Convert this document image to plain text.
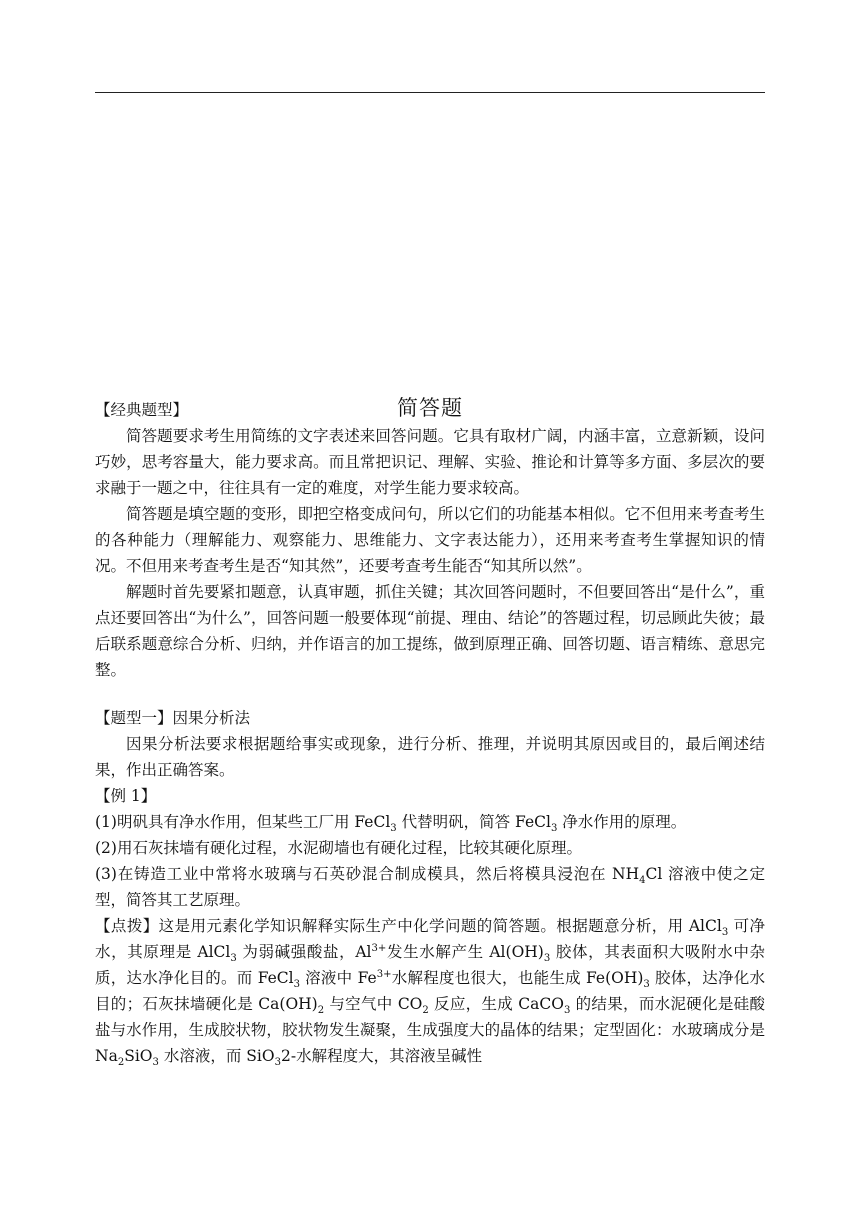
【经典题型】	简答题

简答题要求考生用简练的文字表述来回答问题。它具有取材广阔，内涵丰富，立意新颖，设问巧妙，思考容量大，能力要求高。而且常把识记、理解、实验、推论和计算等多方面、多层次的要求融于一题之中，往往具有一定的难度，对学生能力要求较高。

简答题是填空题的变形，即把空格变成问句，所以它们的功能基本相似。它不但用来考查考生的各种能力（理解能力、观察能力、思维能力、文字表达能力），还用来考查考生掌握知识的情况。不但用来考查考生是否“知其然”，还要考查考生能否“知其所以然”。

解题时首先要紧扣题意，认真审题，抓住关键；其次回答问题时，不但要回答出“是什么”，重点还要回答出“为什么”，回答问题一般要体现“前提、理由、结论”的答题过程，切忌顾此失彼；最后联系题意综合分析、归纳，并作语言的加工提练，做到原理正确、回答切题、语言精练、意思完整。

【题型一】因果分析法

因果分析法要求根据题给事实或现象，进行分析、推理，并说明其原因或目的，最后阐述结果，作出正确答案。

【例 1】

(1)明矾具有净水作用，但某些工厂用 FeCl$_3$ 代替明矾，简答 FeCl$_3$ 净水作用的原理。

(2)用石灰抹墙有硬化过程，水泥砌墙也有硬化过程，比较其硬化原理。

(3)在铸造工业中常将水玻璃与石英砂混合制成模具，然后将模具浸泡在 $NH_4Cl$ 溶液中使之定型，简答其工艺原理。

【点拨】这是用元素化学知识解释实际生产中化学问题的简答题。根据题意分析，用 AlCl$_3$ 可净水，其原理是 AlCl$_3$ 为弱碱强酸盐，$Al^{3+}$发生水解产生 $Al(OH)_3$ 胶体，其表面积大吸附水中杂质，达水净化目的。而 FeCl$_3$ 溶液中 $Fe^{3+}$水解程度也很大，也能生成 $Fe(OH)_3$ 胶体，达净化水目的；石灰抹墙硬化是 $Ca(OH)_2$ 与空气中 $CO_2$ 反应，生成 CaCO$_3$ 的结果，而水泥硬化是硅酸盐与水作用，生成胶状物，胶状物发生凝聚，生成强度大的晶体的结果；定型固化：水玻璃成分是 $Na_2SiO_3$ 水溶液，而 SiO$_3$2-水解程度大，其溶液呈碱性
